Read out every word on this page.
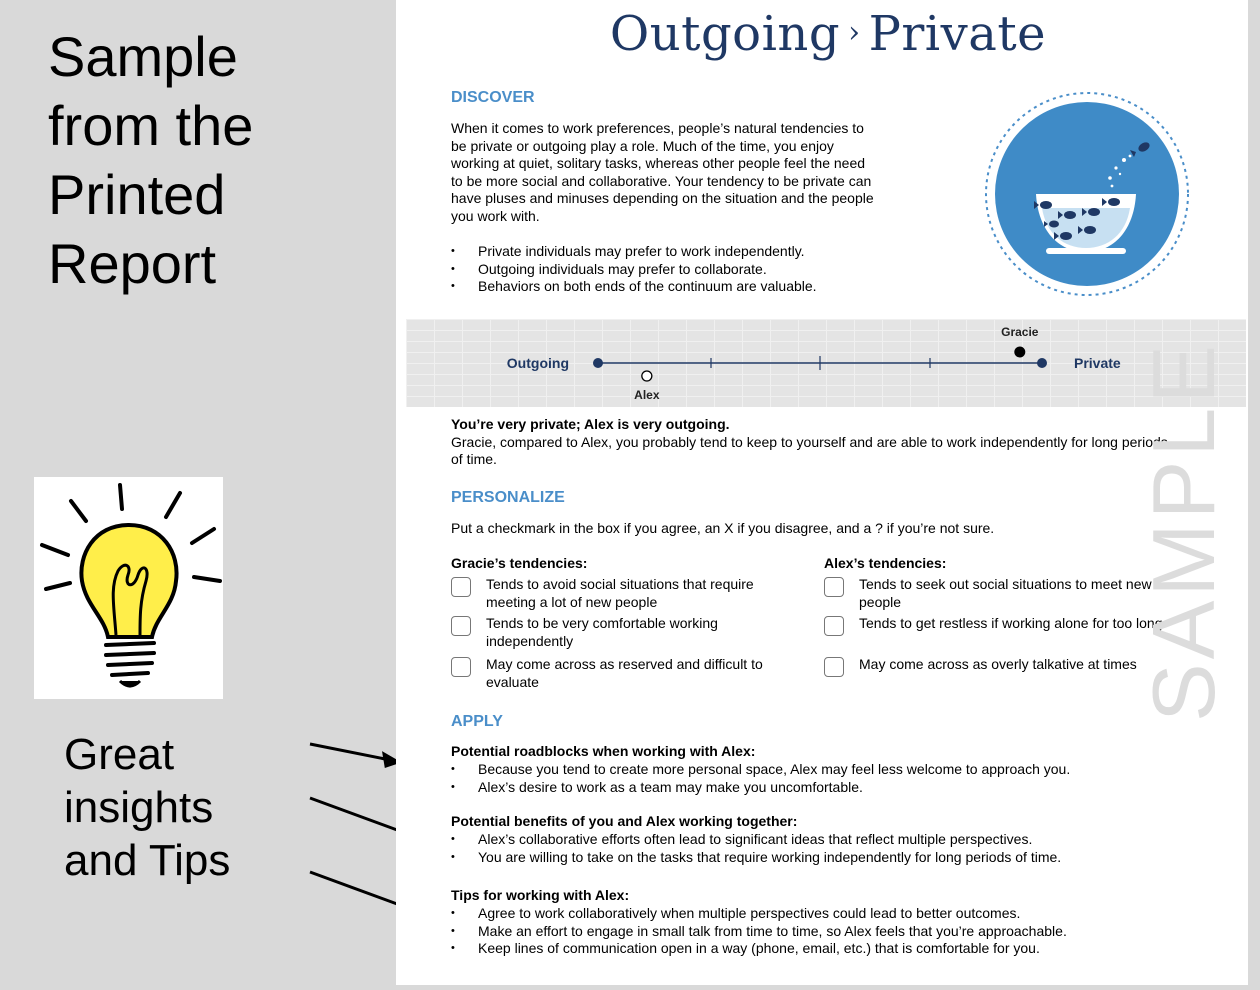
Sample
from the
Printed
Report
Great
insights
and Tips
Outgoing › Private
DISCOVER
When it comes to work preferences, people’s natural tendencies to
be private or outgoing play a role. Much of the time, you enjoy
working at quiet, solitary tasks, whereas other people feel the need
to be more social and collaborative. Your tendency to be private can
have pluses and minuses depending on the situation and the people
you work with.
• Private individuals may prefer to work independently.
• Outgoing individuals may prefer to collaborate.
• Behaviors on both ends of the continuum are valuable.
Outgoing	Private
Gracie
Alex
You’re very private; Alex is very outgoing.
Gracie, compared to Alex, you probably tend to keep to yourself and are able to work independently for long periods
of time.
PERSONALIZE
Put a checkmark in the box if you agree, an X if you disagree, and a ? if you’re not sure.
Gracie’s tendencies:	Alex’s tendencies:
Tends to avoid social situations that require
meeting a lot of new people
Tends to be very comfortable working
independently
May come across as reserved and difficult to
evaluate
Tends to seek out social situations to meet new
people
Tends to get restless if working alone for too long
May come across as overly talkative at times
APPLY
Potential roadblocks when working with Alex:
• Because you tend to create more personal space, Alex may feel less welcome to approach you.
• Alex’s desire to work as a team may make you uncomfortable.
Potential benefits of you and Alex working together:
• Alex’s collaborative efforts often lead to significant ideas that reflect multiple perspectives.
• You are willing to take on the tasks that require working independently for long periods of time.
Tips for working with Alex:
• Agree to work collaboratively when multiple perspectives could lead to better outcomes.
• Make an effort to engage in small talk from time to time, so Alex feels that you’re approachable.
• Keep lines of communication open in a way (phone, email, etc.) that is comfortable for you.
SAMPLE
